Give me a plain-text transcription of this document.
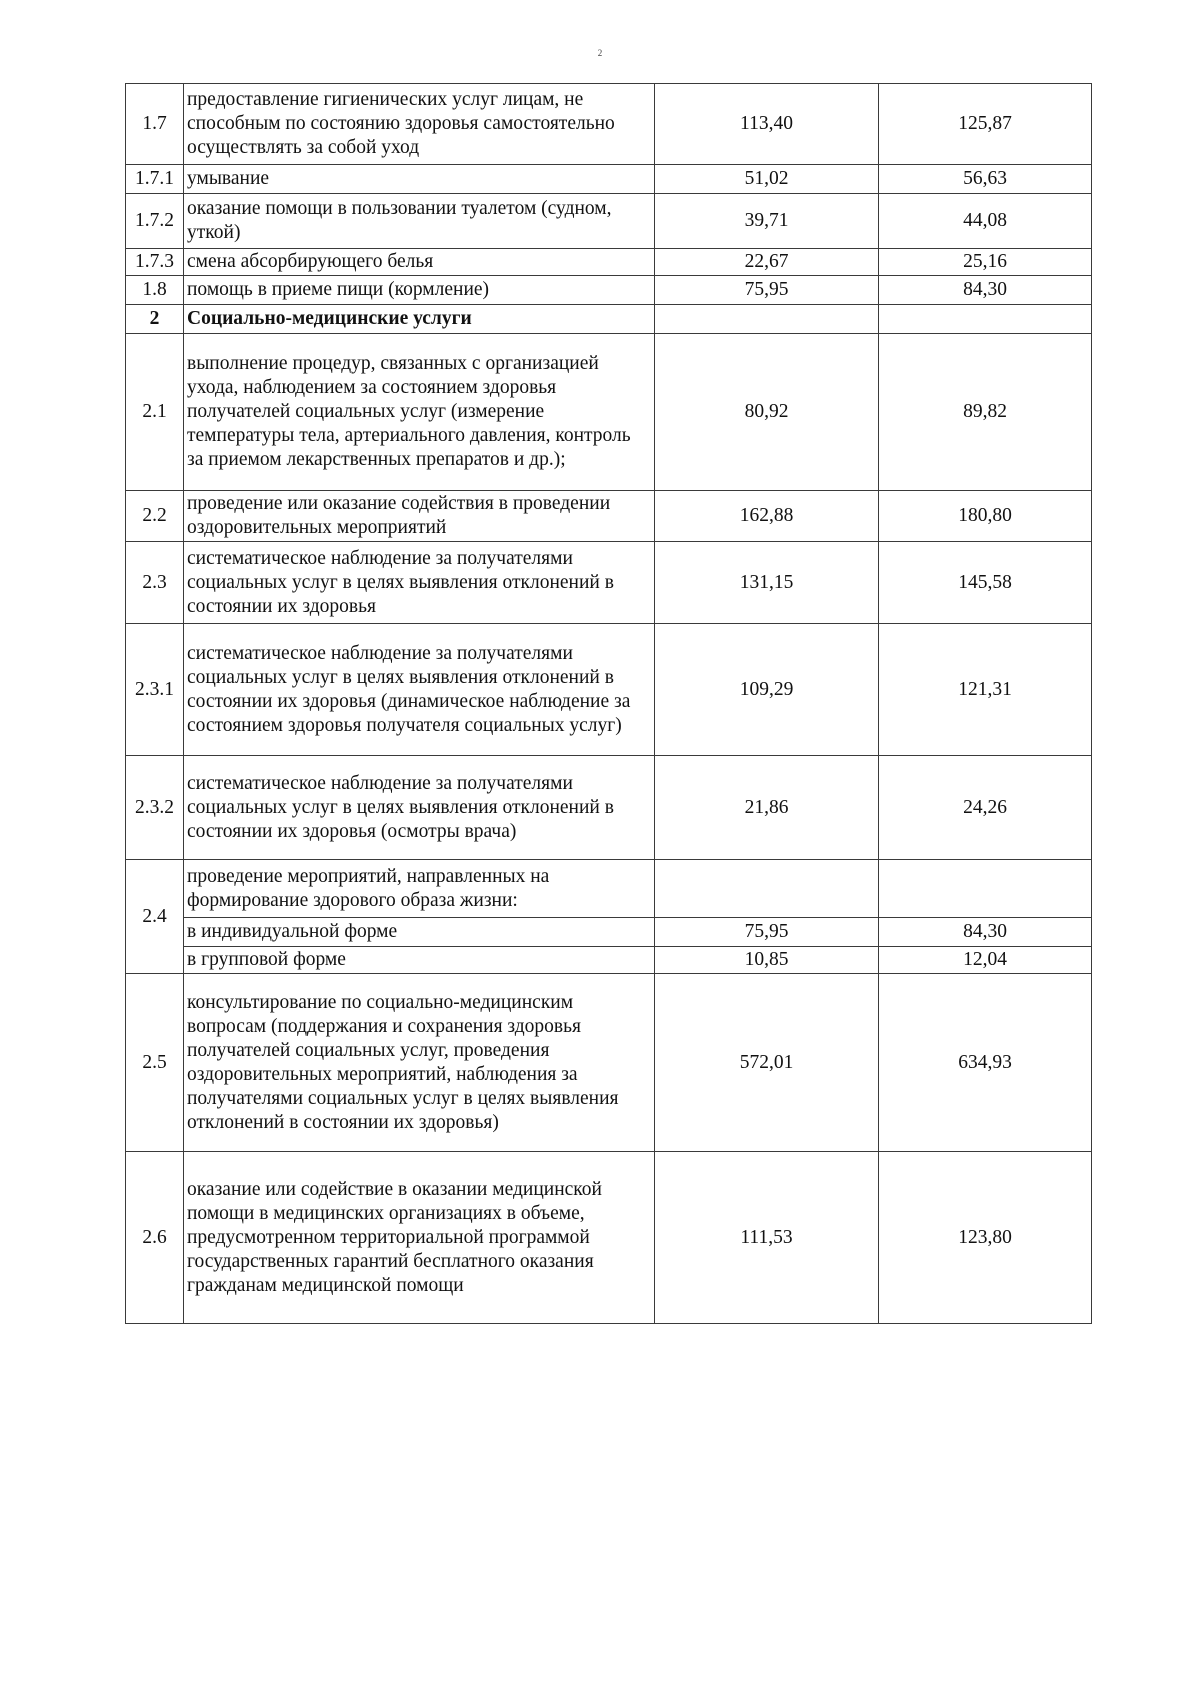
2
1.7	предоставление гигиенических услуг лицам, не способным по состоянию здоровья самостоятельно осуществлять за собой уход	113,40	125,87
1.7.1	умывание	51,02	56,63
1.7.2	оказание помощи в пользовании туалетом (судном, уткой)	39,71	44,08
1.7.3	смена абсорбирующего белья	22,67	25,16
1.8	помощь в приеме пищи (кормление)	75,95	84,30
2	Социально-медицинские услуги		
2.1	выполнение процедур, связанных с организацией ухода, наблюдением за состоянием здоровья получателей социальных услуг (измерение температуры тела, артериального давления, контроль за приемом лекарственных препаратов и др.);	80,92	89,82
2.2	проведение или оказание содействия в проведении оздоровительных мероприятий	162,88	180,80
2.3	систематическое наблюдение за получателями социальных услуг в целях выявления отклонений в состоянии их здоровья	131,15	145,58
2.3.1	систематическое наблюдение за получателями социальных услуг в целях выявления отклонений в состоянии их здоровья (динамическое наблюдение за состоянием здоровья получателя социальных услуг)	109,29	121,31
2.3.2	систематическое наблюдение за получателями социальных услуг в целях выявления отклонений в состоянии их здоровья (осмотры врача)	21,86	24,26
2.4	проведение мероприятий, направленных на формирование здорового образа жизни:		
	в индивидуальной форме	75,95	84,30
	в групповой форме	10,85	12,04
2.5	консультирование по социально-медицинским вопросам (поддержания и сохранения здоровья получателей социальных услуг, проведения оздоровительных мероприятий, наблюдения за получателями социальных услуг в целях выявления отклонений в состоянии их здоровья)	572,01	634,93
2.6	оказание или содействие в оказании медицинской помощи в медицинских организациях в объеме, предусмотренном территориальной программой государственных гарантий бесплатного оказания гражданам медицинской помощи	111,53	123,80
